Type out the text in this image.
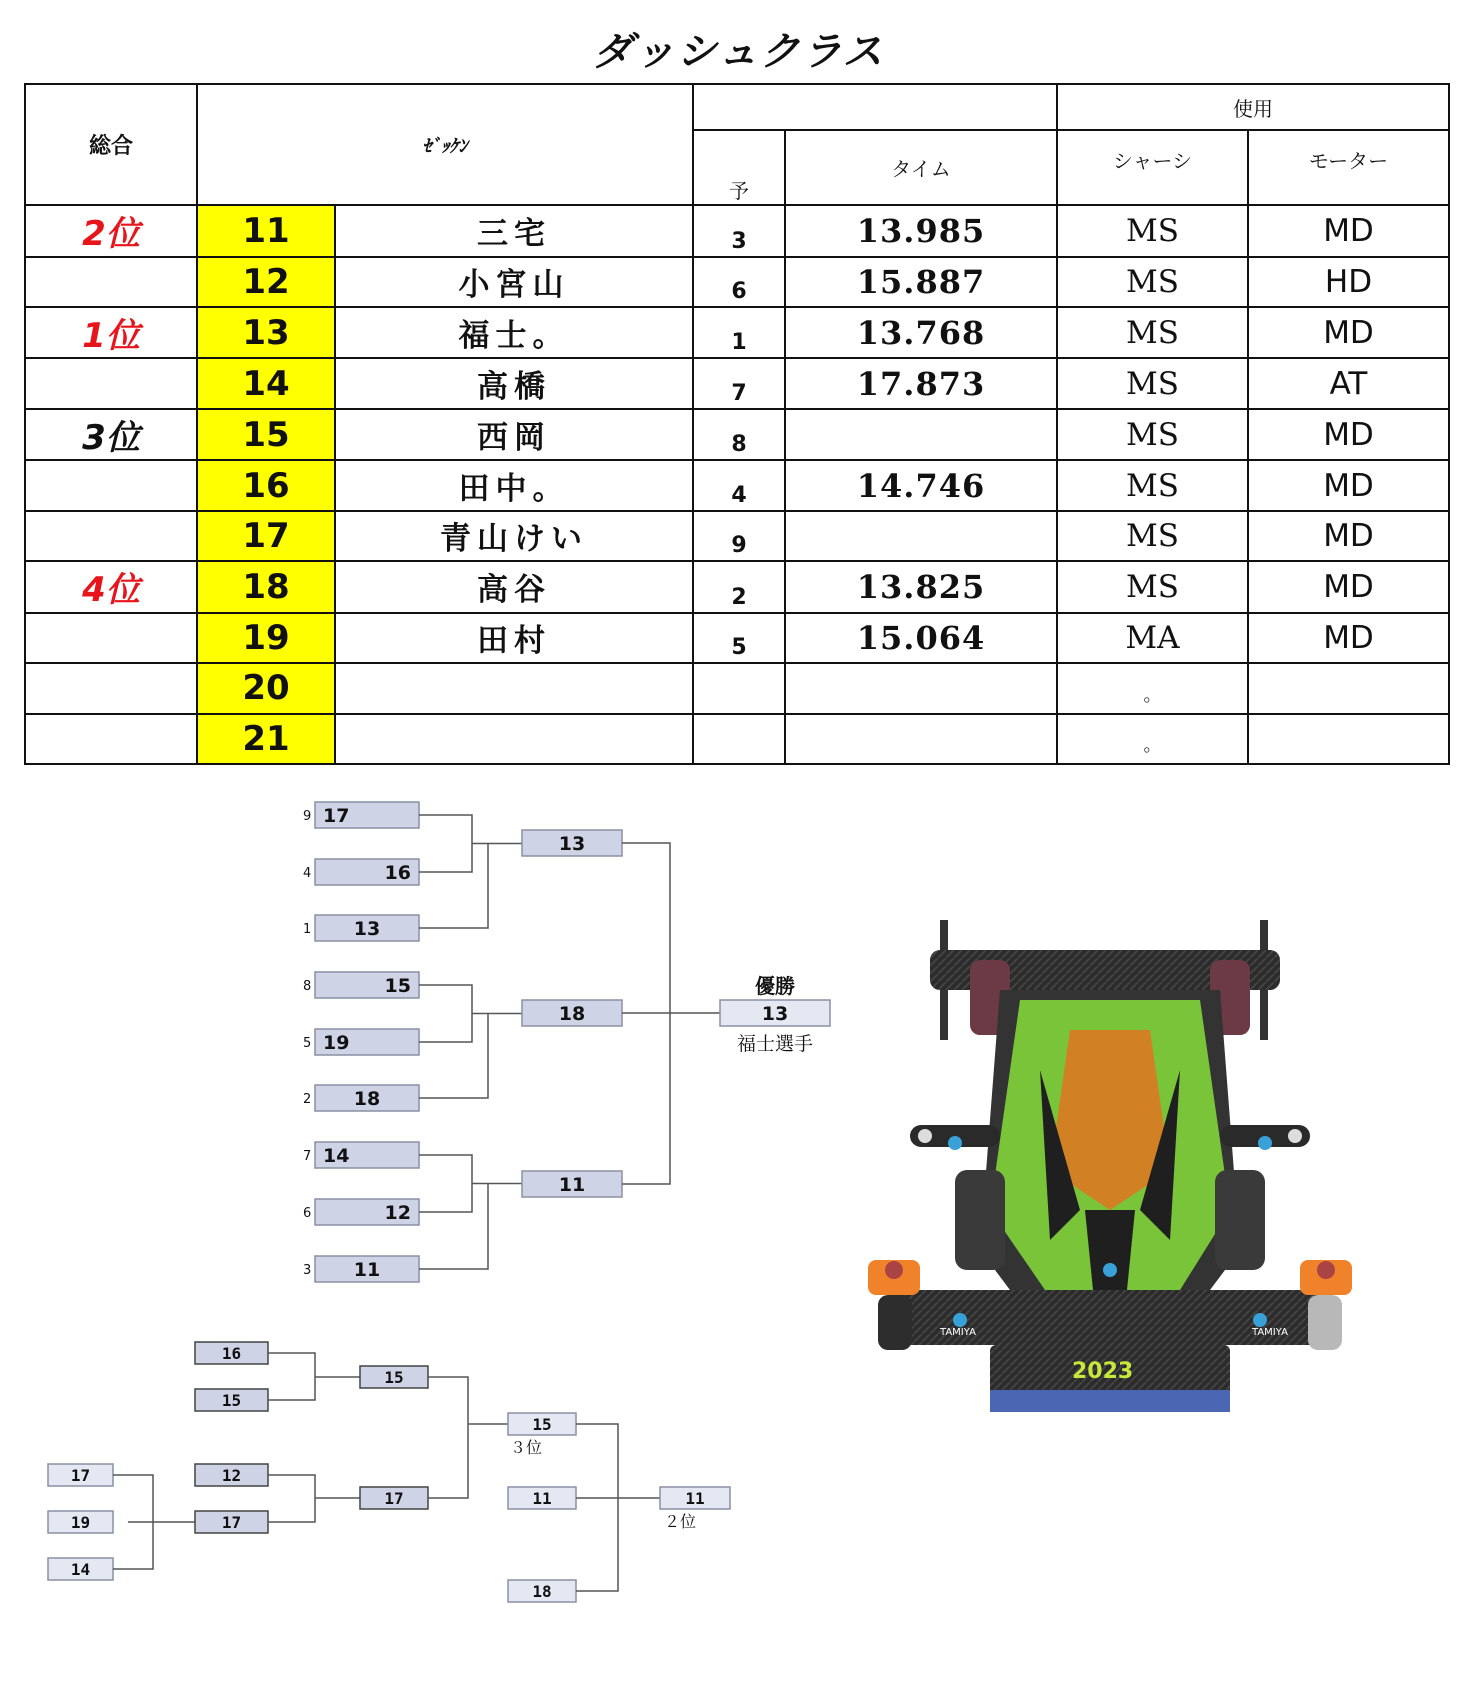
ダッシュクラス
総合	ｾﾞｯｹﾝ				使用	
			予	タイム	シャーシ	モーター

2位	11	三宅	3	13.985	MS	MD
	12	小宮山	6	15.887	MS	HD
1位	13	福士。	1	13.768	MS	MD
	14	高橋	7	17.873	MS	AT
3位	15	西岡	8		MS	MD
	16	田中。	4	14.746	MS	MD
	17	青山けい	9		MS	MD
4位	18	高谷	2	13.825	MS	MD
	19	田村	5	15.064	MA	MD
	20				。	

	21				。	

9 17
4	16
1 13
8	15
5 19
2 18
7 14
6	12
3 11
13
18
11
優勝
13
福士選手
17
19
14
16
15
12
17
15
17
15
３位
11
18
11
２位
TAMIYA	TAMIYA
2023
